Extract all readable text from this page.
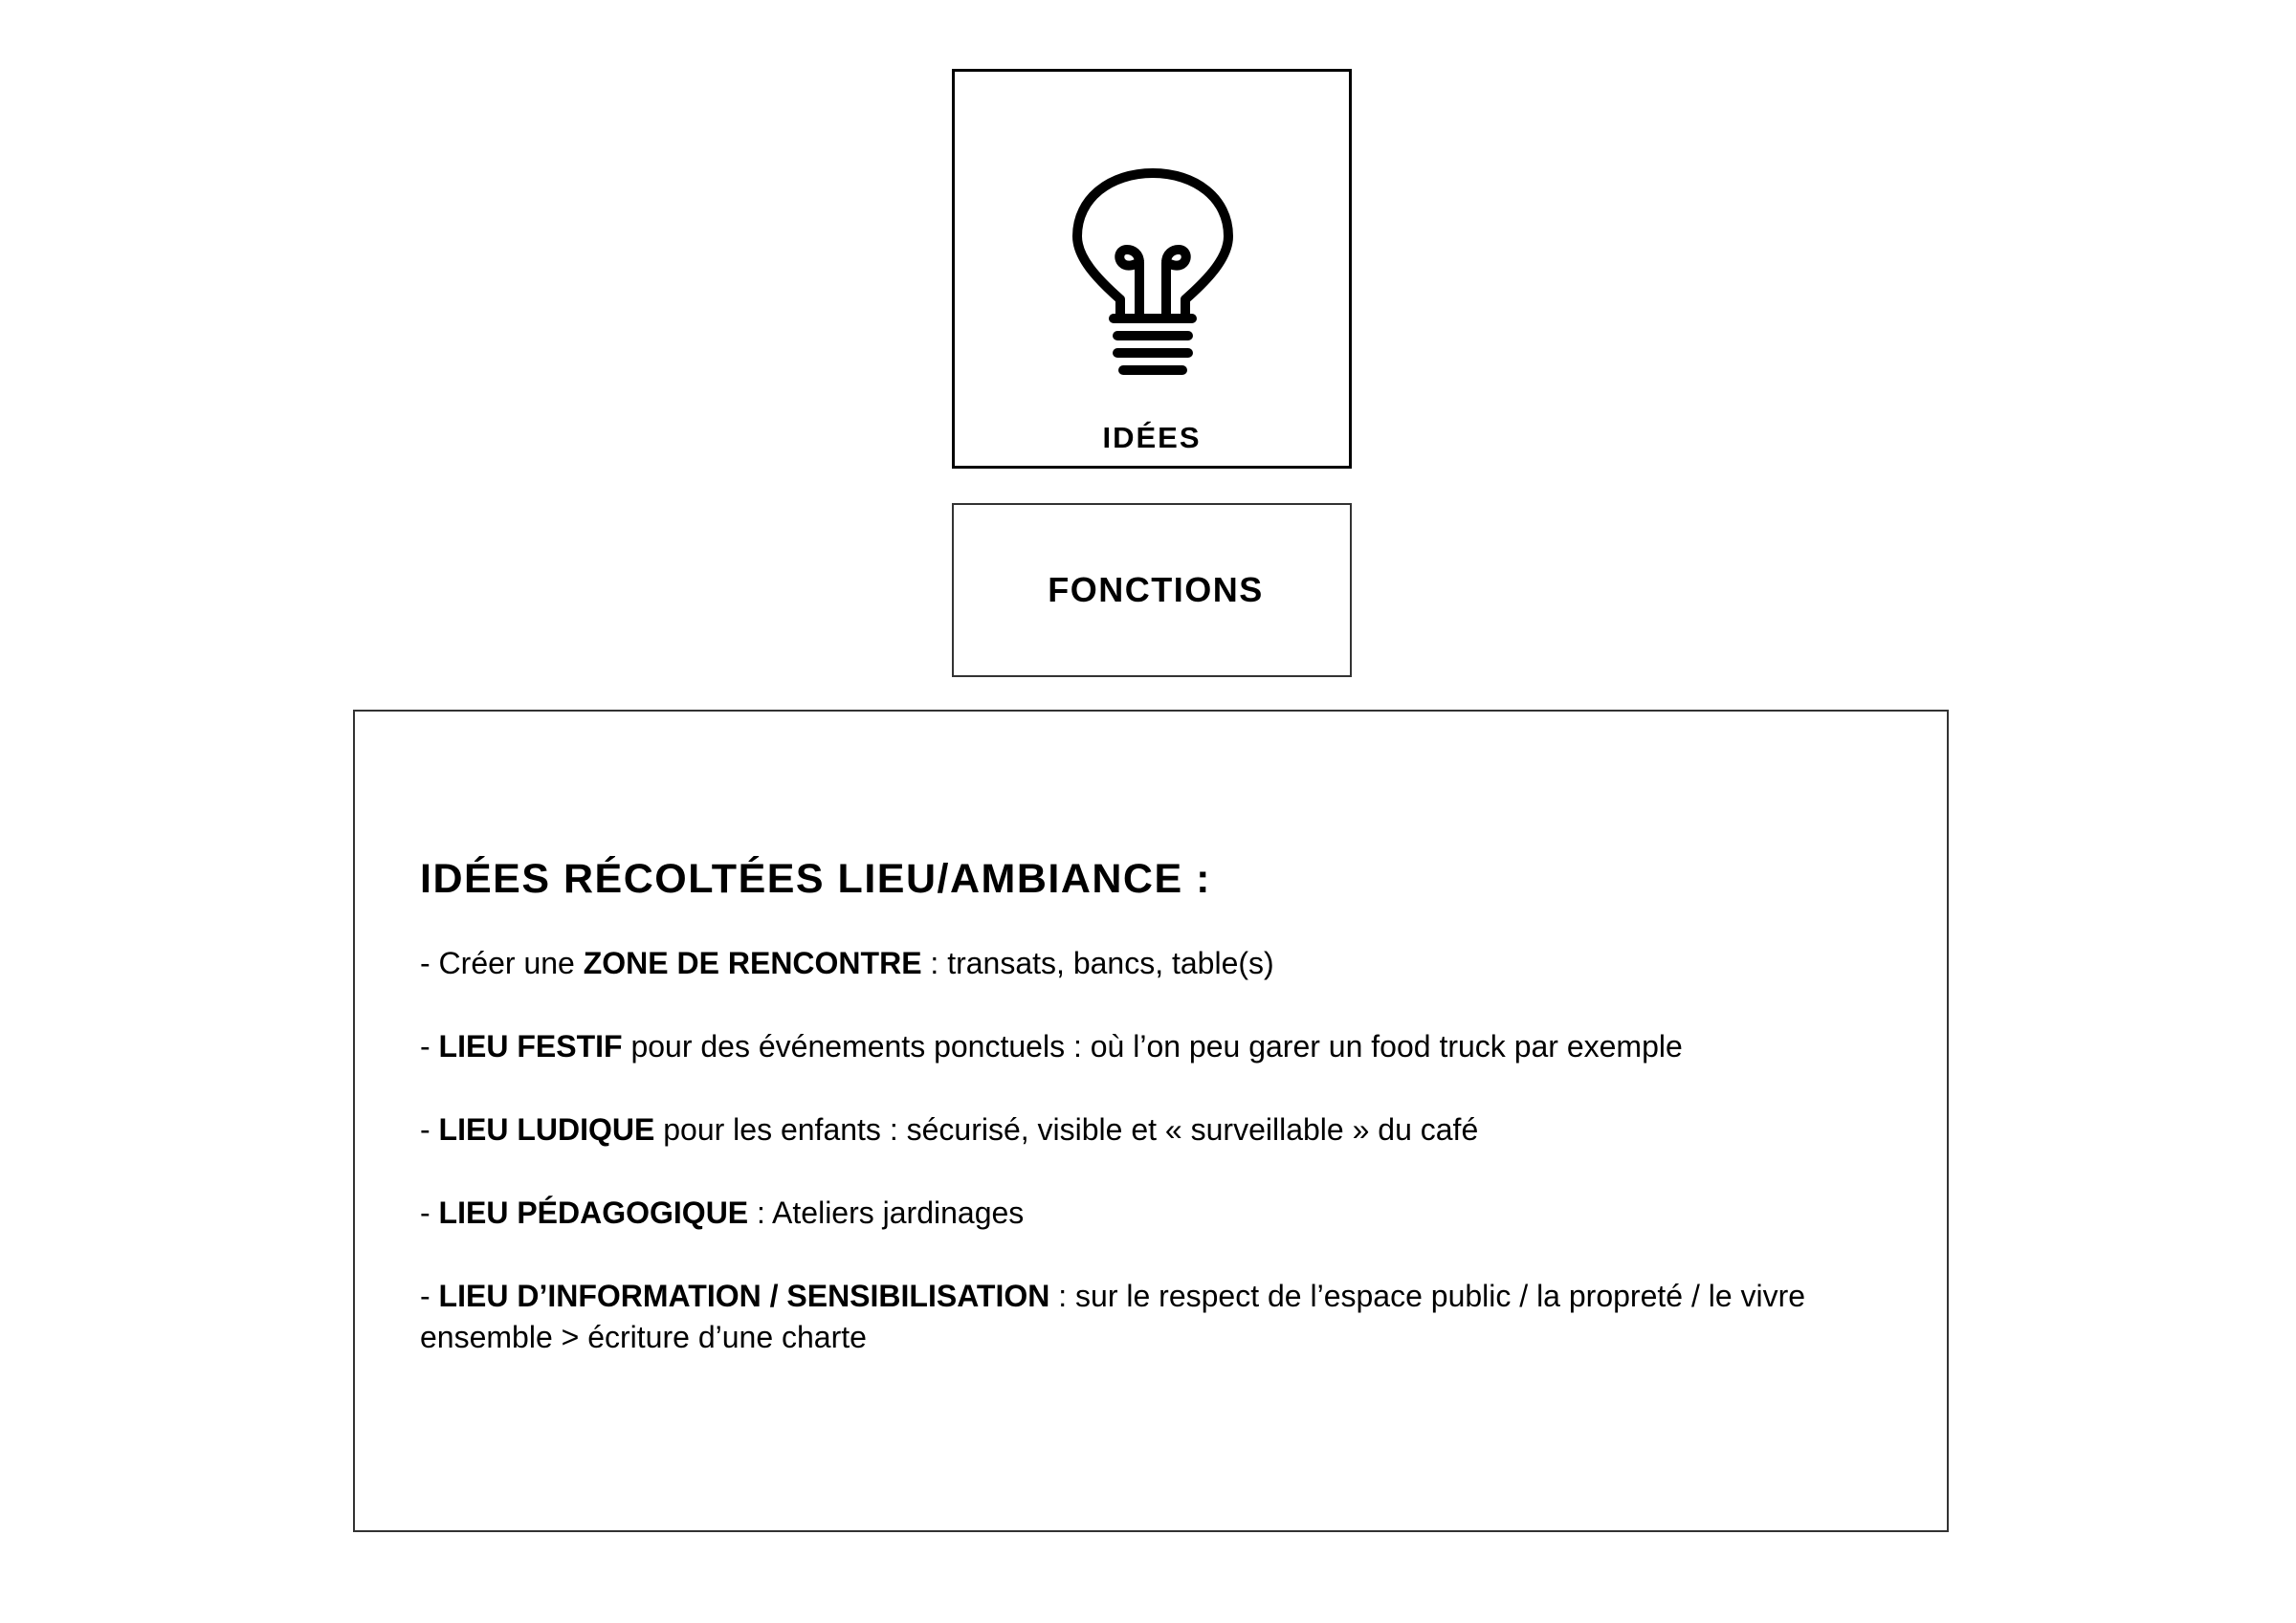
IDÉES
FONCTIONS
IDÉES RÉCOLTÉES LIEU/AMBIANCE :

- Créer une ZONE DE RENCONTRE : transats, bancs, table(s)

- LIEU FESTIF pour des événements ponctuels : où l’on peu garer un food truck par exemple

- LIEU LUDIQUE pour les enfants : sécurisé, visible et « surveillable » du café

- LIEU PÉDAGOGIQUE : Ateliers jardinages

- LIEU D’INFORMATION / SENSIBILISATION : sur le respect de l’espace public / la propreté / le vivre ensemble > écriture d’une charte
